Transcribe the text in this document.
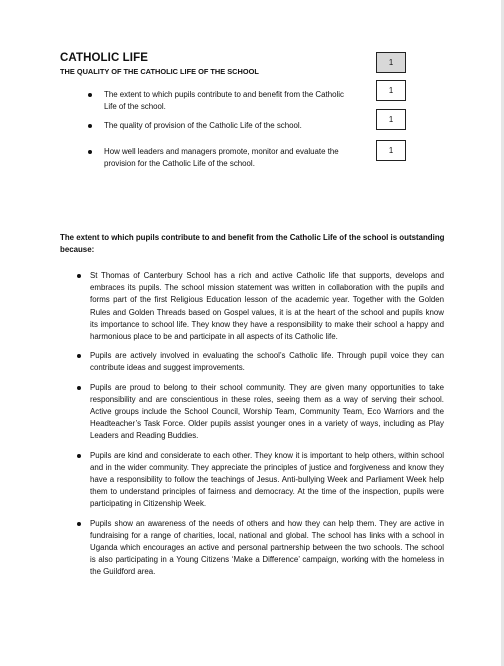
CATHOLIC LIFE
THE QUALITY OF THE CATHOLIC LIFE OF THE SCHOOL
1
The extent to which pupils contribute to and benefit from the Catholic Life of the school.
1
The quality of provision of the Catholic Life of the school.
1
How well leaders and managers promote, monitor and evaluate the provision for the Catholic Life of the school.
1
The extent to which pupils contribute to and benefit from the Catholic Life of the school is outstanding because:
St Thomas of Canterbury School has a rich and active Catholic life that supports, develops and embraces its pupils. The school mission statement was written in collaboration with the pupils and forms part of the first Religious Education lesson of the academic year. Together with the Golden Rules and Golden Threads based on Gospel values, it is at the heart of the school and pupils know its importance to school life. They know they have a responsibility to make their school a happy and harmonious place to be and participate in all aspects of its Catholic life.
Pupils are actively involved in evaluating the school’s Catholic life. Through pupil voice they can contribute ideas and suggest improvements.
Pupils are proud to belong to their school community. They are given many opportunities to take responsibility and are conscientious in these roles, seeing them as a way of serving their school. Active groups include the School Council, Worship Team, Community Team, Eco Warriors and the Headteacher’s Task Force. Older pupils assist younger ones in a variety of ways, including as Play Leaders and Reading Buddies.
Pupils are kind and considerate to each other. They know it is important to help others, within school and in the wider community. They appreciate the principles of justice and forgiveness and know they have a responsibility to follow the teachings of Jesus. Anti-bullying Week and Parliament Week help them to understand principles of fairness and democracy. At the time of the inspection, pupils were participating in Citizenship Week.
Pupils show an awareness of the needs of others and how they can help them. They are active in fundraising for a range of charities, local, national and global. The school has links with a school in Uganda which encourages an active and personal partnership between the two schools. The school is also participating in a Young Citizens ‘Make a Difference’ campaign, working with the homeless in the Guildford area.
